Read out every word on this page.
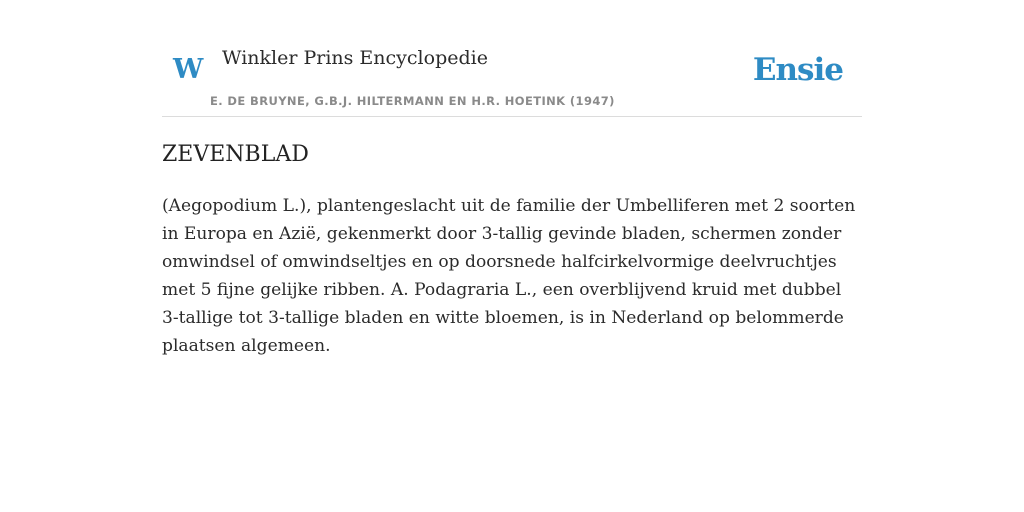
W Winkler Prins Encyclopedie
E. DE BRUYNE, G.B.J. HILTERMANN EN H.R. HOETINK (1947)
Ensie
ZEVENBLAD

(Aegopodium L.), plantengeslacht uit de familie der Umbelliferen met 2 soorten in Europa en Azië, gekenmerkt door 3-tallig gevinde bladen, schermen zonder omwindsel of omwindseltjes en op doorsnede halfcirkelvormige deelvruchtjes met 5 fijne gelijke ribben. A. Podagraria L., een overblijvend kruid met dubbel 3-tallige tot 3-tallige bladen en witte bloemen, is in Nederland op belommerde plaatsen algemeen.
